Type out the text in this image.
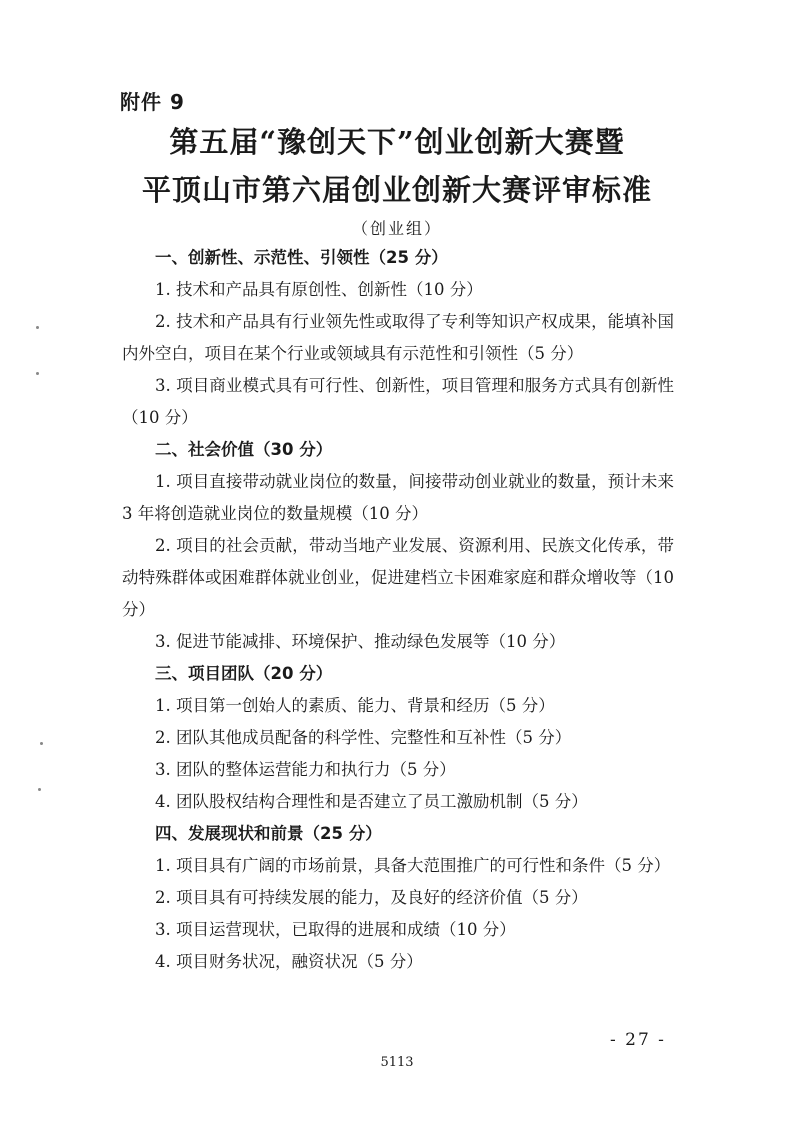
附件 9
第五届“豫创天下”创业创新大赛暨
平顶山市第六届创业创新大赛评审标准
（创业组）

一、创新性、示范性、引领性（25 分）

1. 技术和产品具有原创性、创新性（10 分）

2. 技术和产品具有行业领先性或取得了专利等知识产权成果，能填补国内外空白，项目在某个行业或领域具有示范性和引领性（5 分）

3. 项目商业模式具有可行性、创新性，项目管理和服务方式具有创新性（10 分）

二、社会价值（30 分）

1. 项目直接带动就业岗位的数量，间接带动创业就业的数量，预计未来 3 年将创造就业岗位的数量规模（10 分）

2. 项目的社会贡献，带动当地产业发展、资源利用、民族文化传承，带动特殊群体或困难群体就业创业，促进建档立卡困难家庭和群众增收等（10 分）

3. 促进节能减排、环境保护、推动绿色发展等（10 分）

三、项目团队（20 分）

1. 项目第一创始人的素质、能力、背景和经历（5 分）

2. 团队其他成员配备的科学性、完整性和互补性（5 分）

3. 团队的整体运营能力和执行力（5 分）

4. 团队股权结构合理性和是否建立了员工激励机制（5 分）

四、发展现状和前景（25 分）

1. 项目具有广阔的市场前景，具备大范围推广的可行性和条件（5 分）

2. 项目具有可持续发展的能力，及良好的经济价值（5 分）

3. 项目运营现状，已取得的进展和成绩（10 分）

4. 项目财务状况，融资状况（5 分）

- 27 -
5113
